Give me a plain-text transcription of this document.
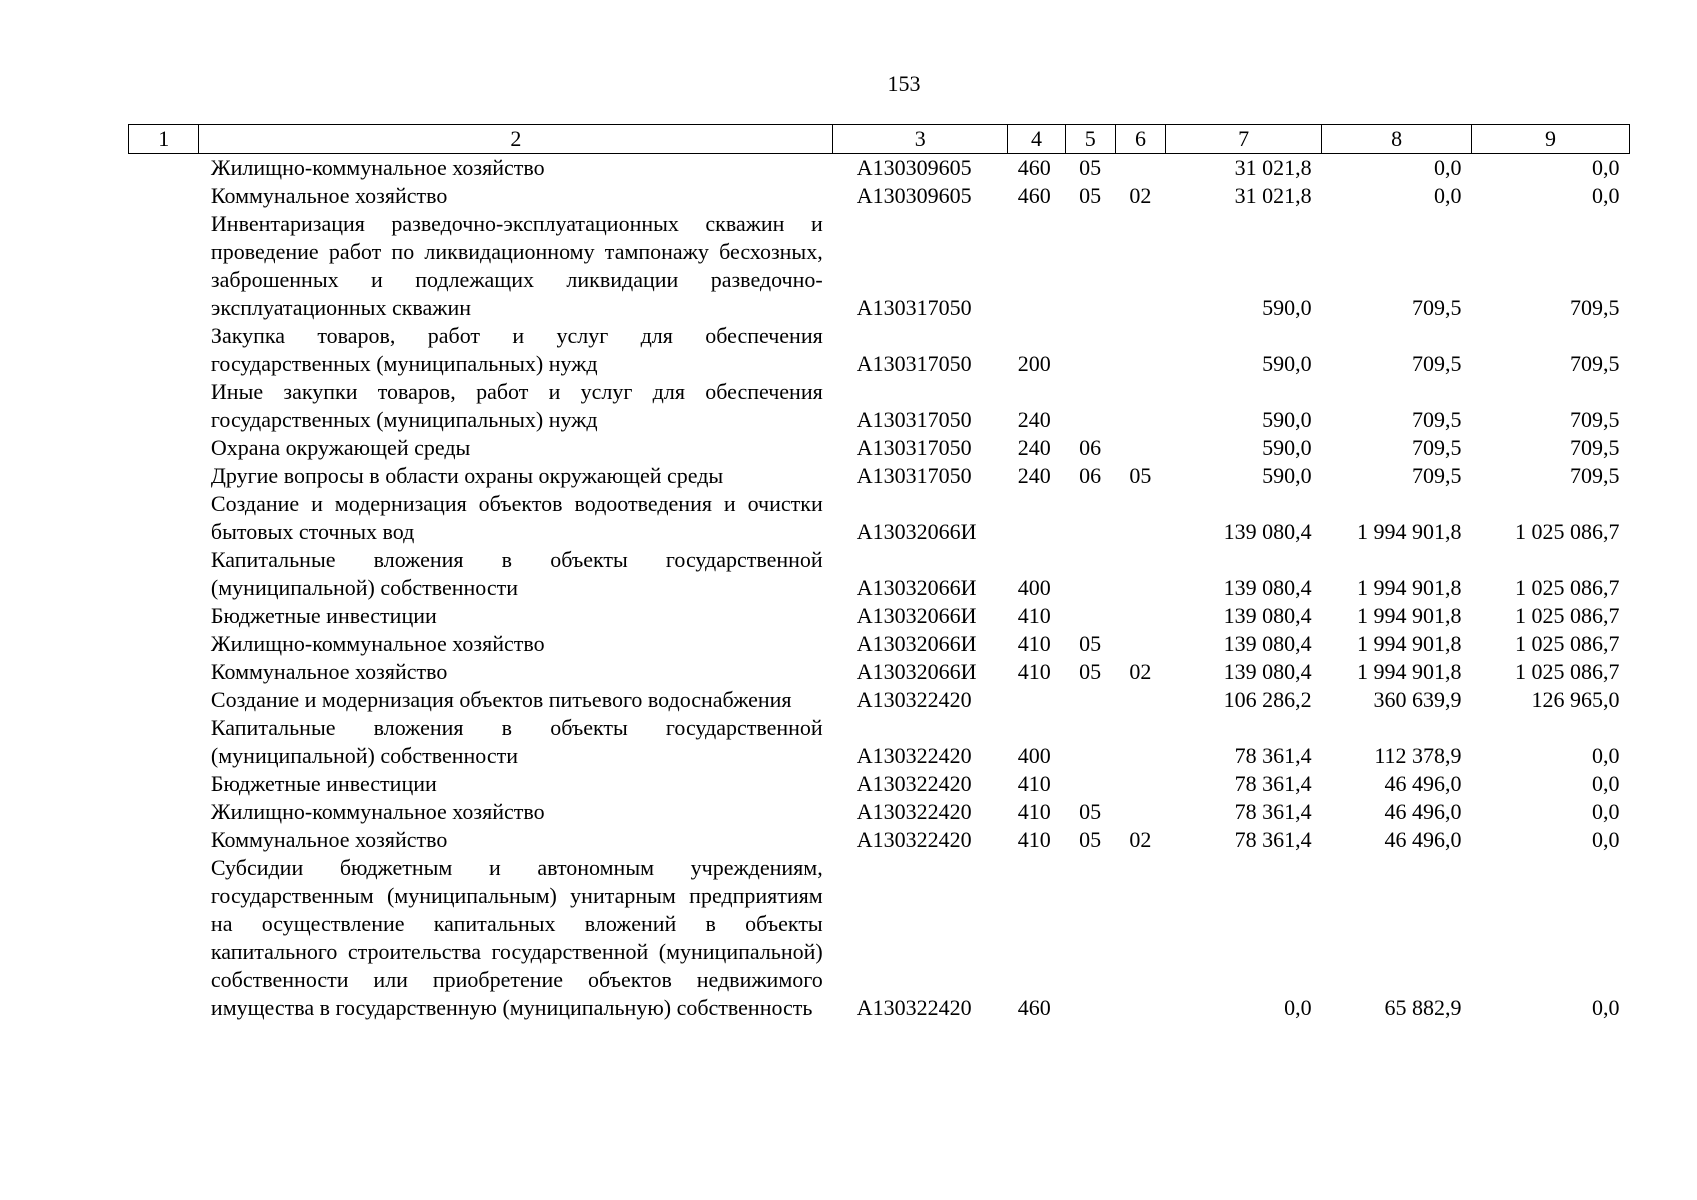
153
1	2	3	4	5	6	7	8	9
	Жилищно-коммунальное хозяйство	А130309605	460	05		31 021,8	0,0	0,0
	Коммунальное хозяйство	А130309605	460	05	02	31 021,8	0,0	0,0
	Инвентаризация разведочно-эксплуатационных скважин и проведение работ по ликвидационному тампонажу бесхозных, заброшенных и подлежащих ликвидации разведочно-эксплуатационных скважин	А130317050				590,0	709,5	709,5
	Закупка товаров, работ и услуг для обеспечения государственных (муниципальных) нужд	А130317050	200			590,0	709,5	709,5
	Иные закупки товаров, работ и услуг для обеспечения государственных (муниципальных) нужд	А130317050	240			590,0	709,5	709,5
	Охрана окружающей среды	А130317050	240	06		590,0	709,5	709,5
	Другие вопросы в области охраны окружающей среды	А130317050	240	06	05	590,0	709,5	709,5
	Создание и модернизация объектов водоотведения и очистки бытовых сточных вод	А13032066И				139 080,4	1 994 901,8	1 025 086,7
	Капитальные вложения в объекты государственной (муниципальной) собственности	А13032066И	400			139 080,4	1 994 901,8	1 025 086,7
	Бюджетные инвестиции	А13032066И	410			139 080,4	1 994 901,8	1 025 086,7
	Жилищно-коммунальное хозяйство	А13032066И	410	05		139 080,4	1 994 901,8	1 025 086,7
	Коммунальное хозяйство	А13032066И	410	05	02	139 080,4	1 994 901,8	1 025 086,7
	Создание и модернизация объектов питьевого водоснабжения	А130322420				106 286,2	360 639,9	126 965,0
	Капитальные вложения в объекты государственной (муниципальной) собственности	А130322420	400			78 361,4	112 378,9	0,0
	Бюджетные инвестиции	А130322420	410			78 361,4	46 496,0	0,0
	Жилищно-коммунальное хозяйство	А130322420	410	05		78 361,4	46 496,0	0,0
	Коммунальное хозяйство	А130322420	410	05	02	78 361,4	46 496,0	0,0
	Субсидии бюджетным и автономным учреждениям, государственным (муниципальным) унитарным предприятиям на осуществление капитальных вложений в объекты капитального строительства государственной (муниципальной) собственности или приобретение объектов недвижимого имущества в государственную (муниципальную) собственность	А130322420	460			0,0	65 882,9	0,0
